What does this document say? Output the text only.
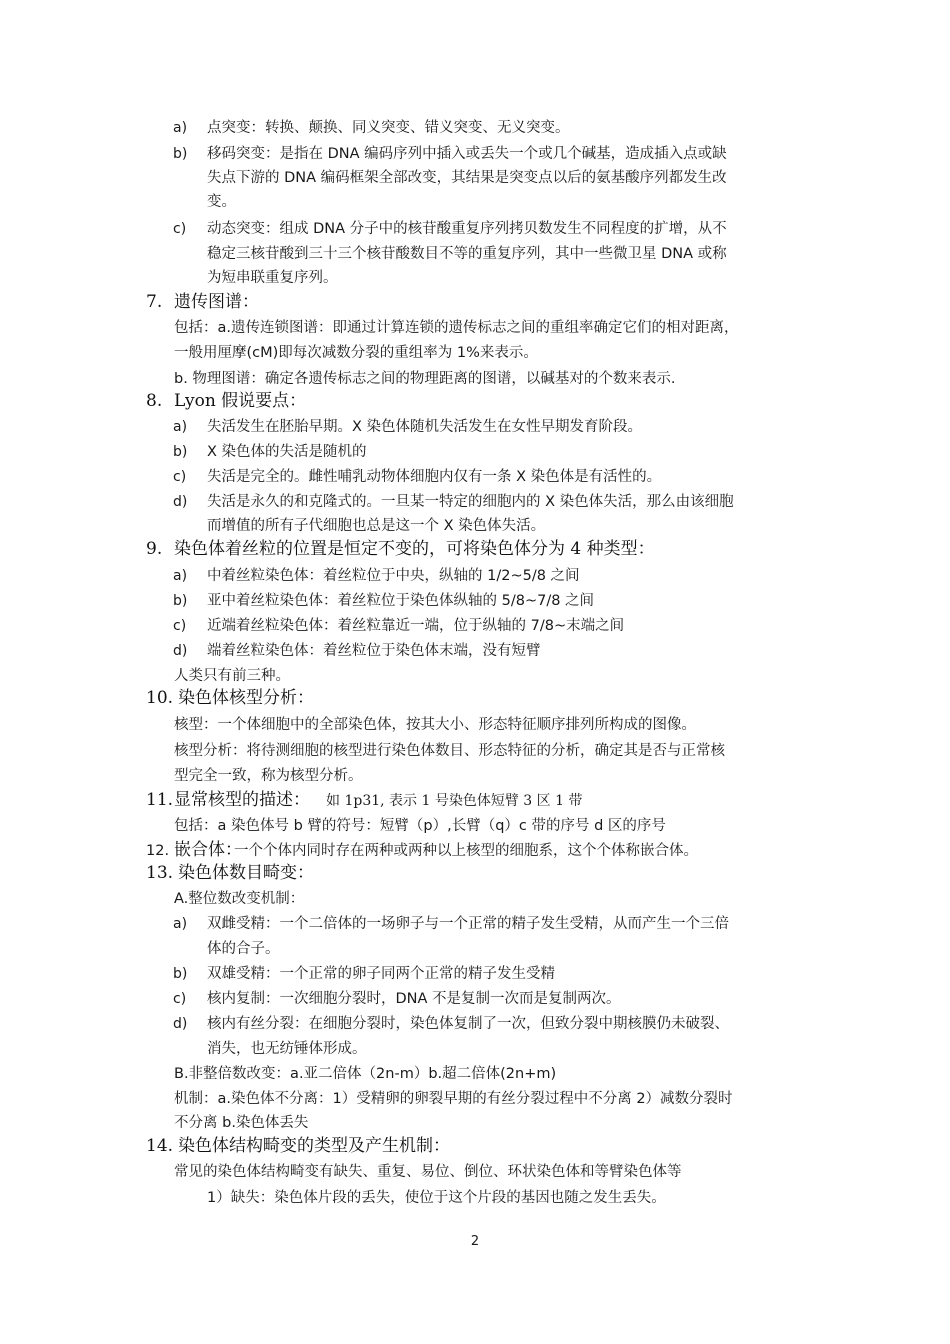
a) 点突变：转换、颠换、同义突变、错义突变、无义突变。
b) 移码突变：是指在 DNA 编码序列中插入或丢失一个或几个碱基，造成插入点或缺
失点下游的 DNA 编码框架全部改变，其结果是突变点以后的氨基酸序列都发生改
变。
c) 动态突变：组成 DNA 分子中的核苷酸重复序列拷贝数发生不同程度的扩增，从不
稳定三核苷酸到三十三个核苷酸数目不等的重复序列，其中一些微卫星 DNA 或称
为短串联重复序列。
7. 遗传图谱：
包括：a.遗传连锁图谱：即通过计算连锁的遗传标志之间的重组率确定它们的相对距离，
一般用厘摩(cM)即每次减数分裂的重组率为 1%来表示。
b. 物理图谱：确定各遗传标志之间的物理距离的图谱，以碱基对的个数来表示.
8. Lyon 假说要点：
a) 失活发生在胚胎早期。X 染色体随机失活发生在女性早期发育阶段。
b) X 染色体的失活是随机的
c) 失活是完全的。雌性哺乳动物体细胞内仅有一条 X 染色体是有活性的。
d) 失活是永久的和克隆式的。一旦某一特定的细胞内的 X 染色体失活，那么由该细胞
而增值的所有子代细胞也总是这一个 X 染色体失活。
9. 染色体着丝粒的位置是恒定不变的，可将染色体分为 4 种类型：
a) 中着丝粒染色体：着丝粒位于中央，纵轴的 1/2~5/8 之间
b) 亚中着丝粒染色体：着丝粒位于染色体纵轴的 5/8~7/8 之间
c) 近端着丝粒染色体：着丝粒靠近一端，位于纵轴的 7/8~末端之间
d) 端着丝粒染色体：着丝粒位于染色体末端，没有短臂
人类只有前三种。
10. 染色体核型分析：
核型：一个体细胞中的全部染色体，按其大小、形态特征顺序排列所构成的图像。
核型分析：将待测细胞的核型进行染色体数目、形态特征的分析，确定其是否与正常核
型完全一致，称为核型分析。
11. 显常核型的描述： 如 1p31, 表示 1 号染色体短臂 3 区 1 带
包括：a 染色体号 b 臂的符号：短臂（p）,长臂（q）c 带的序号 d 区的序号
12. 嵌合体：
一个个体内同时存在两种或两种以上核型的细胞系，这个个体称嵌合体。
13. 染色体数目畸变：
A.整位数改变机制：
a) 双雌受精：一个二倍体的一场卵子与一个正常的精子发生受精，从而产生一个三倍
体的合子。
b) 双雄受精：一个正常的卵子同两个正常的精子发生受精
c) 核内复制：一次细胞分裂时，DNA 不是复制一次而是复制两次。
d) 核内有丝分裂：在细胞分裂时，染色体复制了一次，但致分裂中期核膜仍未破裂、
消失，也无纺锤体形成。
B.非整倍数改变：a.亚二倍体（2n-m）b.超二倍体(2n+m)
机制：a.染色体不分离：1）受精卵的卵裂早期的有丝分裂过程中不分离 2）减数分裂时
不分离 b.染色体丢失
14. 染色体结构畸变的类型及产生机制：
常见的染色体结构畸变有缺失、重复、易位、倒位、环状染色体和等臂染色体等
1）缺失：染色体片段的丢失，使位于这个片段的基因也随之发生丢失。
2
